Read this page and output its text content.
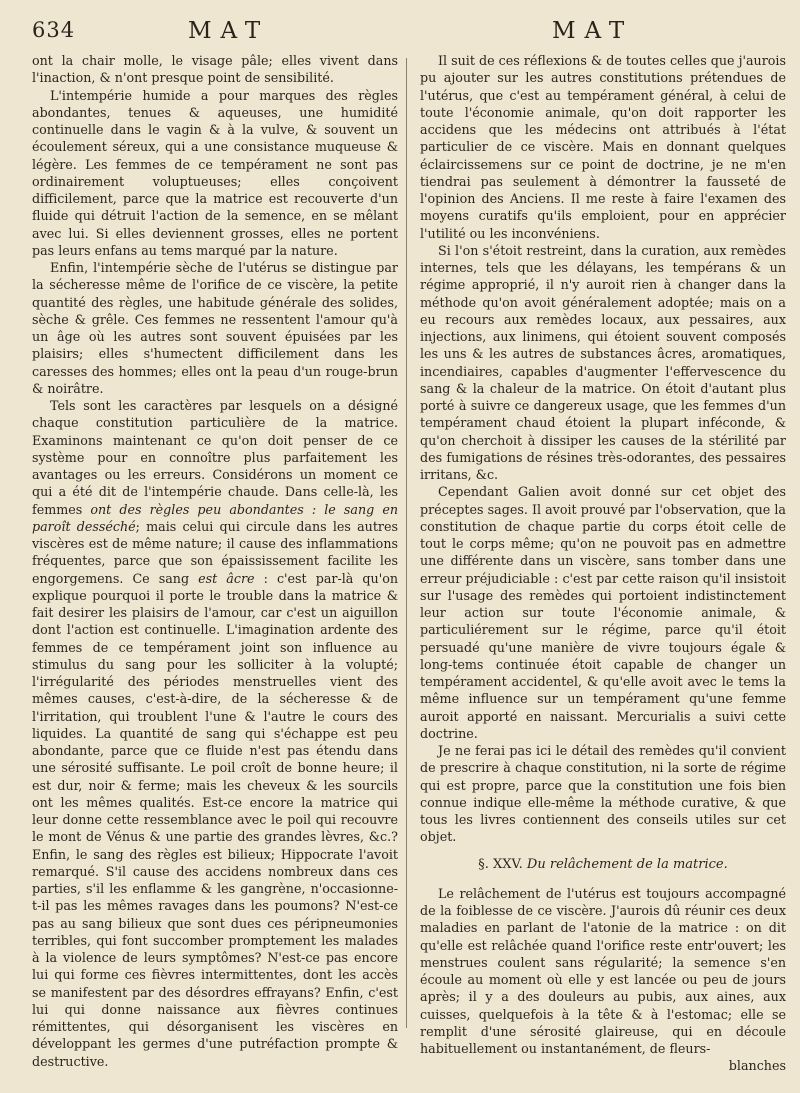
634	MAT	MAT

ont la chair molle, le visage pâle; elles vivent dans l'inaction, & n'ont presque point de sensibilité.

L'intempérie humide a pour marques des règles abondantes, tenues & aqueuses, une humidité continuelle dans le vagin & à la vulve, & souvent un écoulement séreux, qui a une consistance muqueuse & légère. Les femmes de ce tempérament ne sont pas ordinairement voluptueuses; elles conçoivent difficilement, parce que la matrice est recouverte d'un fluide qui détruit l'action de la semence, en se mêlant avec lui. Si elles deviennent grosses, elles ne portent pas leurs enfans au tems marqué par la nature.

Enfin, l'intempérie sèche de l'utérus se distingue par la sécheresse même de l'orifice de ce viscère, la petite quantité des règles, une habitude générale des solides, sèche & grêle. Ces femmes ne ressentent l'amour qu'à un âge où les autres sont souvent épuisées par les plaisirs; elles s'humectent difficilement dans les caresses des hommes; elles ont la peau d'un rouge-brun & noirâtre.

Tels sont les caractères par lesquels on a désigné chaque constitution particulière de la matrice. Examinons maintenant ce qu'on doit penser de ce système pour en connoître plus parfaitement les avantages ou les erreurs. Considérons un moment ce qui a été dit de l'intempérie chaude. Dans celle-là, les femmes ont des règles peu abondantes : le sang en paroît desséché; mais celui qui circule dans les autres viscères est de même nature; il cause des inflammations fréquentes, parce que son épaississement facilite les engorgemens. Ce sang est âcre : c'est par-là qu'on explique pourquoi il porte le trouble dans la matrice & fait desirer les plaisirs de l'amour, car c'est un aiguillon dont l'action est continuelle. L'imagination ardente des femmes de ce tempérament joint son influence au stimulus du sang pour les solliciter à la volupté; l'irrégularité des périodes menstruelles vient des mêmes causes, c'est-à-dire, de la sécheresse & de l'irritation, qui troublent l'une & l'autre le cours des liquides. La quantité de sang qui s'échappe est peu abondante, parce que ce fluide n'est pas étendu dans une sérosité suffisante. Le poil croît de bonne heure; il est dur, noir & ferme; mais les cheveux & les sourcils ont les mêmes qualités. Est-ce encore la matrice qui leur donne cette ressemblance avec le poil qui recouvre le mont de Vénus & une partie des grandes lèvres, &c.? Enfin, le sang des règles est bilieux; Hippocrate l'avoit remarqué. S'il cause des accidens nombreux dans ces parties, s'il les enflamme & les gangrène, n'occasionne-t-il pas les mêmes ravages dans les poumons? N'est-ce pas au sang bilieux que sont dues ces péripneumonies terribles, qui font succomber promptement les malades à la violence de leurs symptômes? N'est-ce pas encore lui qui forme ces fièvres intermittentes, dont les accès se manifestent par des désordres effrayans? Enfin, c'est lui qui donne naissance aux fièvres continues rémittentes, qui désorganisent les viscères en développant les germes d'une putréfaction prompte & destructive.

Il suit de ces réflexions & de toutes celles que j'aurois pu ajouter sur les autres constitutions prétendues de l'utérus, que c'est au tempérament général, à celui de toute l'économie animale, qu'on doit rapporter les accidens que les médecins ont attribués à l'état particulier de ce viscère. Mais en donnant quelques éclaircissemens sur ce point de doctrine, je ne m'en tiendrai pas seulement à démontrer la fausseté de l'opinion des Anciens. Il me reste à faire l'examen des moyens curatifs qu'ils emploient, pour en apprécier l'utilité ou les inconvéniens.

Si l'on s'étoit restreint, dans la curation, aux remèdes internes, tels que les délayans, les tempérans & un régime approprié, il n'y auroit rien à changer dans la méthode qu'on avoit généralement adoptée; mais on a eu recours aux remèdes locaux, aux pessaires, aux injections, aux linimens, qui étoient souvent composés les uns & les autres de substances âcres, aromatiques, incendiaires, capables d'augmenter l'effervescence du sang & la chaleur de la matrice. On étoit d'autant plus porté à suivre ce dangereux usage, que les femmes d'un tempérament chaud étoient la plupart inféconde, & qu'on cherchoit à dissiper les causes de la stérilité par des fumigations de résines très-odorantes, des pessaires irritans, &c.

Cependant Galien avoit donné sur cet objet des préceptes sages. Il avoit prouvé par l'observation, que la constitution de chaque partie du corps étoit celle de tout le corps même; qu'on ne pouvoit pas en admettre une différente dans un viscère, sans tomber dans une erreur préjudiciable : c'est par cette raison qu'il insistoit sur l'usage des remèdes qui portoient indistinctement leur action sur toute l'économie animale, & particuliérement sur le régime, parce qu'il étoit persuadé qu'une manière de vivre toujours égale & long-tems continuée étoit capable de changer un tempérament accidentel, & qu'elle avoit avec le tems la même influence sur un tempérament qu'une femme auroit apporté en naissant. Mercurialis a suivi cette doctrine.

Je ne ferai pas ici le détail des remèdes qu'il convient de prescrire à chaque constitution, ni la sorte de régime qui est propre, parce que la constitution une fois bien connue indique elle-même la méthode curative, & que tous les livres contiennent des conseils utiles sur cet objet.

§. XXV. Du relâchement de la matrice.

Le relâchement de l'utérus est toujours accompagné de la foiblesse de ce viscère. J'aurois dû réunir ces deux maladies en parlant de l'atonie de la matrice : on dit qu'elle est relâchée quand l'orifice reste entr'ouvert; les menstrues coulent sans régularité; la semence s'en écoule au moment où elle y est lancée ou peu de jours après; il y a des douleurs au pubis, aux aines, aux cuisses, quelquefois à la tête & à l'estomac; elle se remplit d'une sérosité glaireuse, qui en découle habituellement ou instantanément, de fleurs-

blanches
